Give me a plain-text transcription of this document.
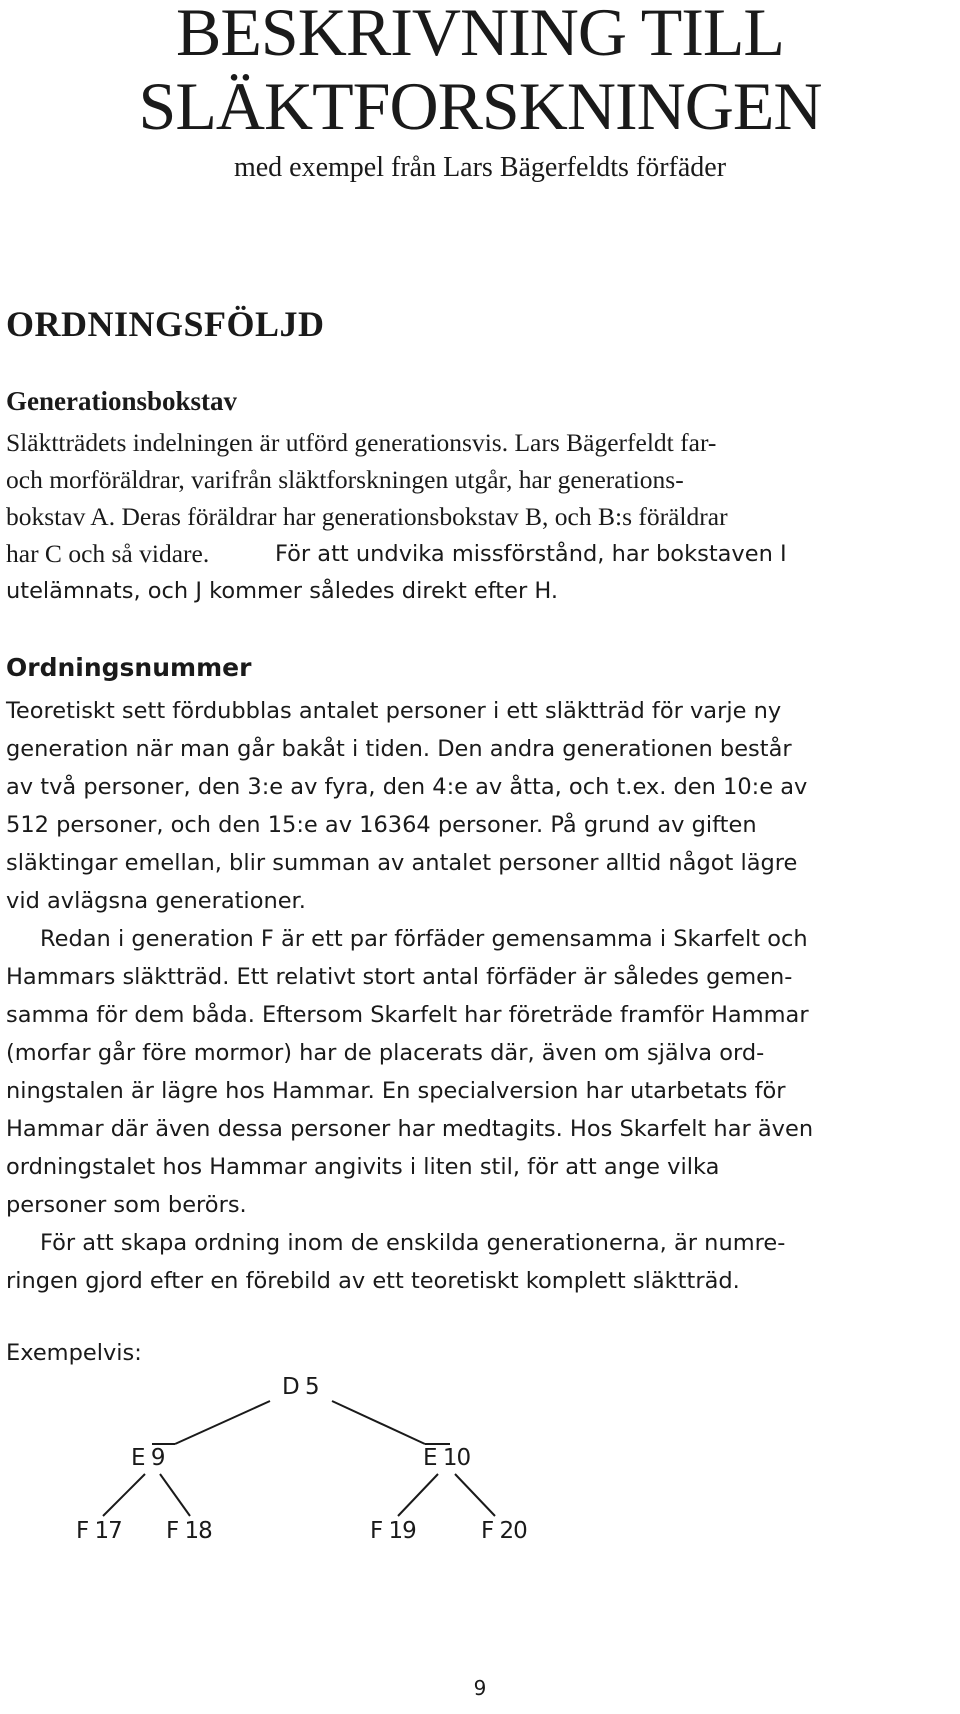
BESKRIVNING TILL
SLÄKTFORSKNINGEN
med exempel från Lars Bägerfeldts förfäder
ORDNINGSFÖLJD
Generationsbokstav
Släktträdets indelningen är utförd generationsvis. Lars Bägerfeldt far-
och morföräldrar, varifrån släktforskningen utgår, har generations-
bokstav A. Deras föräldrar har generationsbokstav B, och B:s föräldrar
har C och så vidare.	För att undvika missförstånd, har bokstaven I
utelämnats, och J kommer således direkt efter H.
Ordningsnummer
Teoretiskt sett fördubblas antalet personer i ett släktträd för varje ny
generation när man går bakåt i tiden. Den andra generationen består
av två personer, den 3:e av fyra, den 4:e av åtta, och t.ex. den 10:e av
512 personer, och den 15:e av 16364 personer. På grund av giften
släktingar emellan, blir summan av antalet personer alltid något lägre
vid avlägsna generationer.
Redan i generation F är ett par förfäder gemensamma i Skarfelt och
Hammars släktträd. Ett relativt stort antal förfäder är således gemen-
samma för dem båda. Eftersom Skarfelt har företräde framför Hammar
(morfar går före mormor) har de placerats där, även om själva ord-
ningstalen är lägre hos Hammar. En specialversion har utarbetats för
Hammar där även dessa personer har medtagits. Hos Skarfelt har även
ordningstalet hos Hammar angivits i liten stil, för att ange vilka
personer som berörs.
För att skapa ordning inom de enskilda generationerna, är numre-
ringen gjord efter en förebild av ett teoretiskt komplett släktträd.
Exempelvis:
D 5
E 9	E 10
F 17 F 18	F 19	F 20
9
